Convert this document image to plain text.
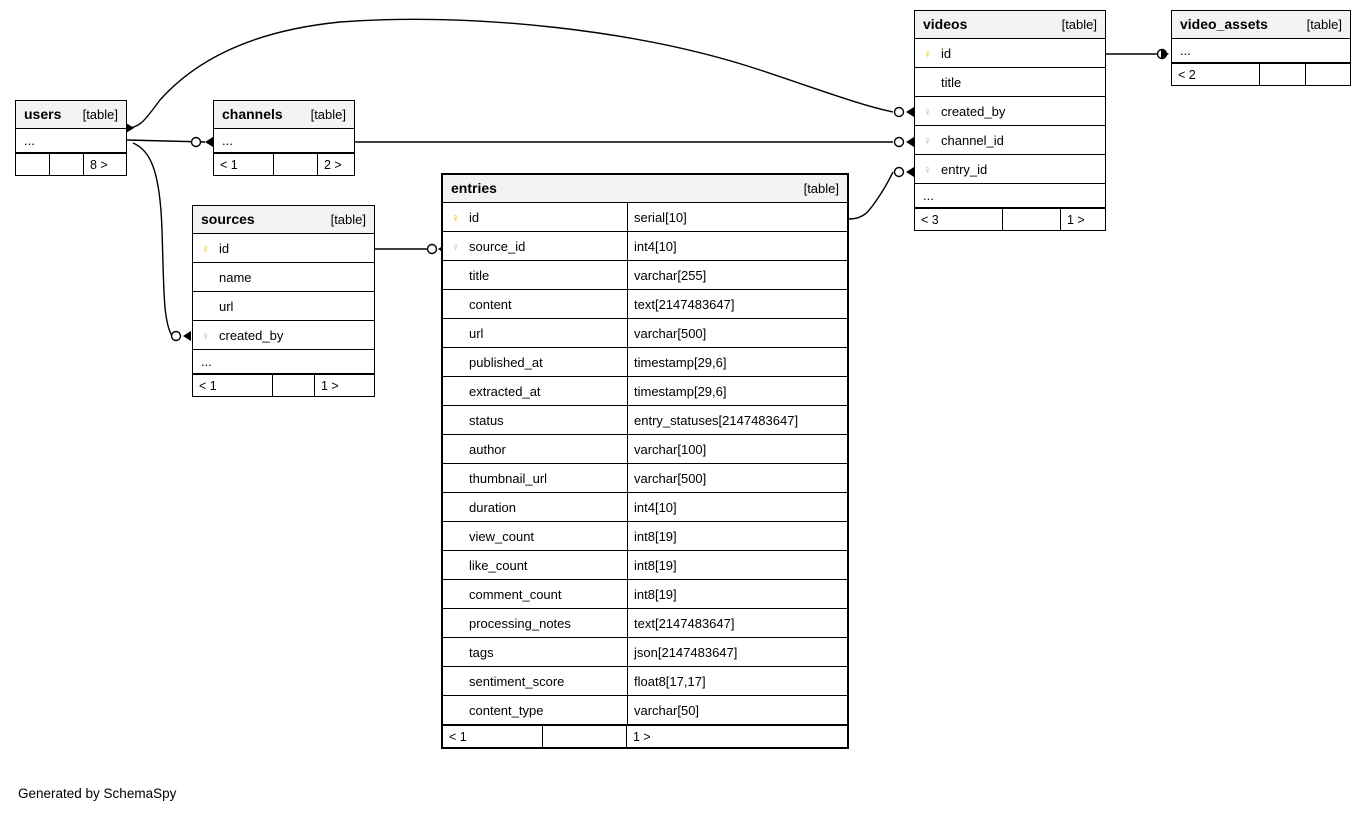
users [table]
...
8 >
channels [table]
...
< 1	2 >
sources	[table]
♀ id
name
url
♀ created_by
...
< 1	1 >
entries	[table]
♀ id	serial[10]
♀ source_id	int4[10]
title	varchar[255]
content	text[2147483647]
url	varchar[500]
published_at	timestamp[29,6]
extracted_at	timestamp[29,6]
status	entry_statuses[2147483647]
author	varchar[100]
thumbnail_url	varchar[500]
duration	int4[10]
view_count	int8[19]
like_count	int8[19]
comment_count	int8[19]
processing_notes	text[2147483647]
tags	json[2147483647]
sentiment_score	float8[17,17]
content_type	varchar[50]
< 1	1 >
videos	[table]
♀ id
title
♀ created_by
♀ channel_id
♀ entry_id
...
< 3	1 >
video_assets	[table]
...
< 2
Generated by SchemaSpy
